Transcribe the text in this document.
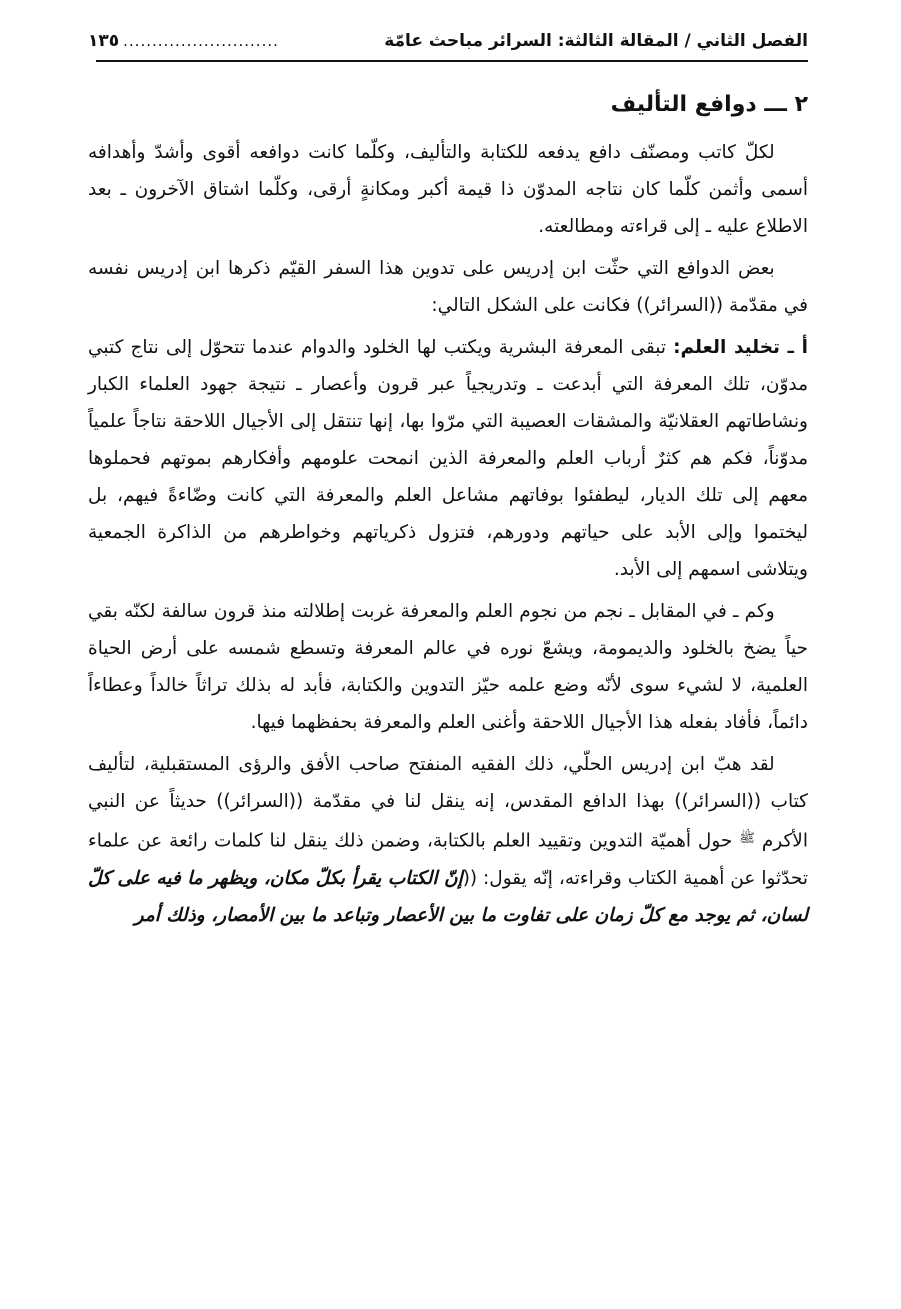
الفصل الثاني / المقالة الثالثة: السرائر مباحث عامّة
...........................
١٣٥
٢ ـــ دوافع التأليف

لكلّ كاتب ومصنّف دافع يدفعه للكتابة والتأليف، وكلّما كانت دوافعه أقوى وأشدّ وأهدافه أسمى وأثمن كلّما كان نتاجه المدوّن ذا قيمة أكبر ومكانةٍ أرقى، وكلّما اشتاق الآخرون ـ بعد الاطلاع عليه ـ إلى قراءته ومطالعته.

بعض الدوافع التي حثّت ابن إدريس على تدوين هذا السفر القيّم ذكرها ابن إدريس نفسه في مقدّمة ((السرائر)) فكانت على الشكل التالي:

أ ـ تخليد العلم: تبقى المعرفة البشرية ويكتب لها الخلود والدوام عندما تتحوّل إلى نتاج كتبي مدوّن، تلك المعرفة التي أبدعت ـ وتدريجياً عبر قرون وأعصار ـ نتيجة جهود العلماء الكبار ونشاطاتهم العقلانيّة والمشقات العصيبة التي مرّوا بها، إنها تنتقل إلى الأجيال اللاحقة نتاجاً علمياً مدوّناً، فكم هم كثرٌ أرباب العلم والمعرفة الذين انمحت علومهم وأفكارهم بموتهم فحملوها معهم إلى تلك الديار، ليطفئوا بوفاتهم مشاعل العلم والمعرفة التي كانت وضّاءةً فيهم، بل ليختموا وإلى الأبد على حياتهم ودورهم، فتزول ذكرياتهم وخواطرهم من الذاكرة الجمعية ويتلاشى اسمهم إلى الأبد.

وكم ـ في المقابل ـ نجم من نجوم العلم والمعرفة غربت إطلالته منذ قرون سالفة لكنّه بقي حياً يضخ بالخلود والديمومة، ويشعّ نوره في عالم المعرفة وتسطع شمسه على أرض الحياة العلمية، لا لشيء سوى لأنّه وضع علمه حيّز التدوين والكتابة، فأبد له بذلك تراثاً خالداً وعطاءاً دائماً، فأفاد بفعله هذا الأجيال اللاحقة وأغنى العلم والمعرفة بحفظهما فيها.

لقد هبّ ابن إدريس الحلّي، ذلك الفقيه المنفتح صاحب الأفق والرؤى المستقبلية، لتأليف كتاب ((السرائر)) بهذا الدافع المقدس، إنه ينقل لنا في مقدّمة ((السرائر)) حديثاً عن النبي الأكرم $^ﷺ$ حول أهميّة التدوين وتقييد العلم بالكتابة، وضمن ذلك ينقل لنا كلمات رائعة عن علماء تحدّثوا عن أهمية الكتاب وقراءته، إنّه يقول: ((إنّ الكتاب يقرأ بكلّ مكان، ويظهر ما فيه على كلّ لسان، ثم يوجد مع كلّ زمان على تفاوت ما بين الأعصار وتباعد ما بين الأمصار، وذلك أمر
